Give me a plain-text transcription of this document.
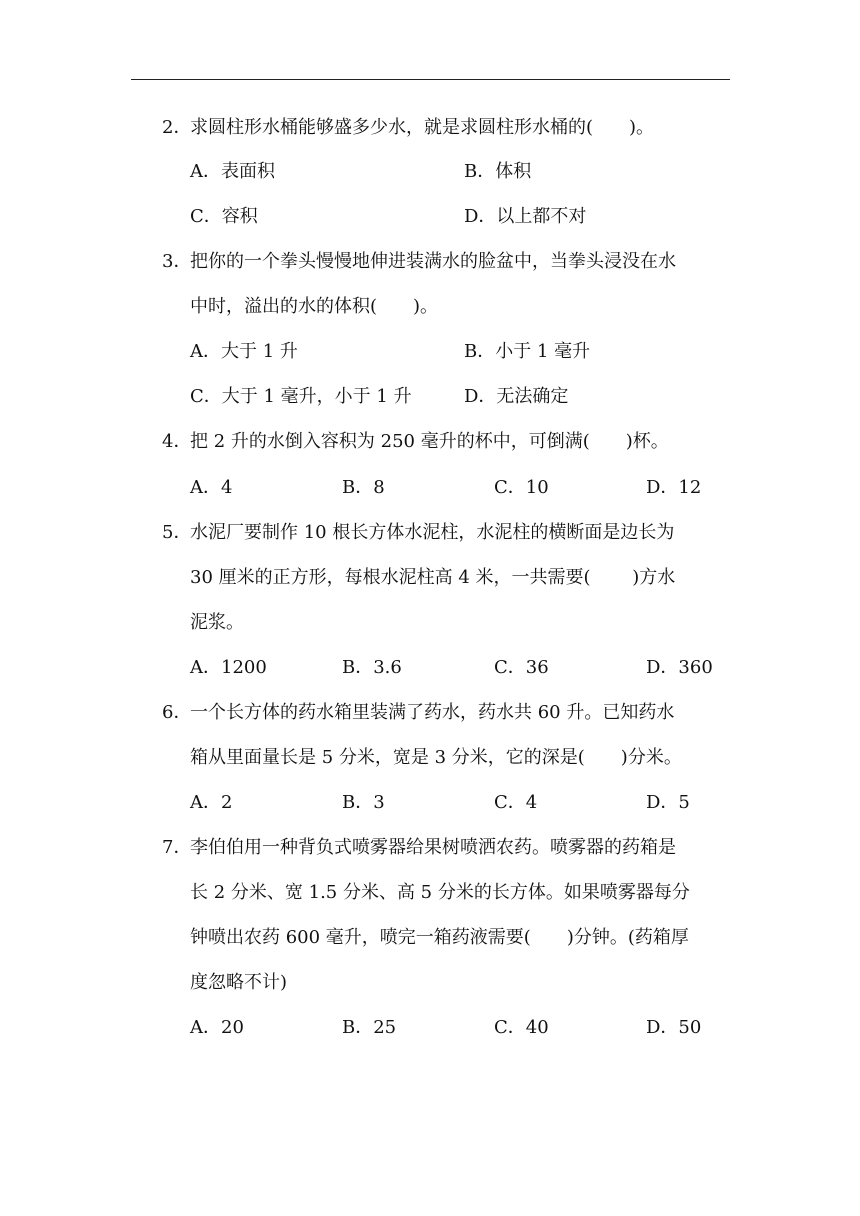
2．求圆柱形水桶能够盛多少水，就是求圆柱形水桶的(　　)。
A．表面积	B．体积
C．容积	D．以上都不对
3．把你的一个拳头慢慢地伸进装满水的脸盆中，当拳头浸没在水
中时，溢出的水的体积(　　)。
A．大于 1 升	B．小于 1 毫升
C．大于 1 毫升，小于 1 升	D．无法确定
4．把 2 升的水倒入容积为 250 毫升的杯中，可倒满(　　)杯。
A．4	B．8	C．10	D．12
5．水泥厂要制作 10 根长方体水泥柱，水泥柱的横断面是边长为
30 厘米的正方形，每根水泥柱高 4 米，一共需要(　　 )方水
泥浆。
A．1200	B．3.6	C．36	D．360
6．一个长方体的药水箱里装满了药水，药水共 60 升。已知药水
箱从里面量长是 5 分米，宽是 3 分米，它的深是(　　)分米。
A．2	B．3	C．4	D．5
7．李伯伯用一种背负式喷雾器给果树喷洒农药。喷雾器的药箱是
长 2 分米、宽 1.5 分米、高 5 分米的长方体。如果喷雾器每分
钟喷出农药 600 毫升，喷完一箱药液需要(　　)分钟。(药箱厚
度忽略不计)
A．20	B．25	C．40	D．50
